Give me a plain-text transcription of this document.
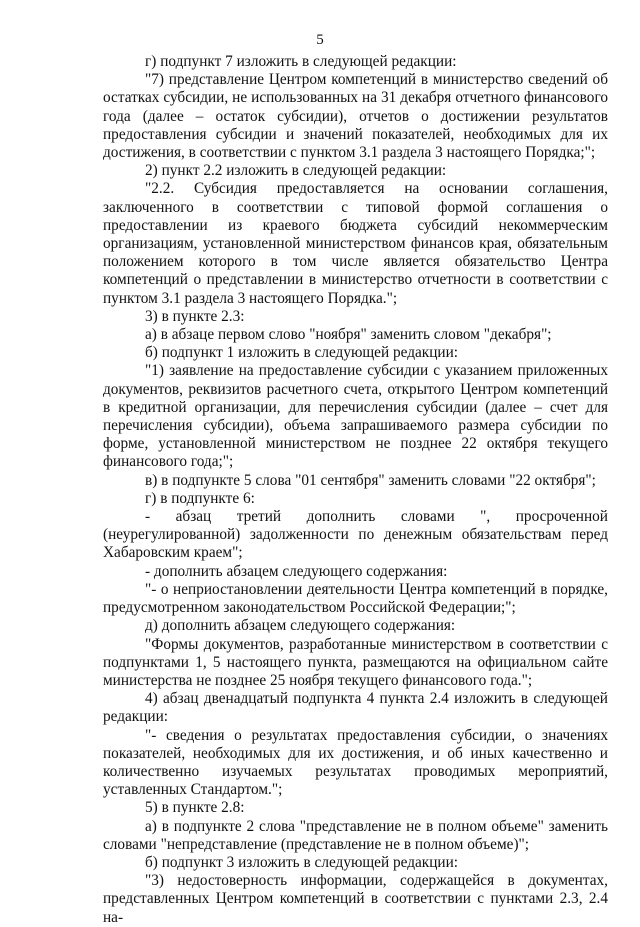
5

г) подпункт 7 изложить в следующей редакции:

"7) представление Центром компетенций в министерство сведений об остатках субсидии, не использованных на 31 декабря отчетного финансового года (далее – остаток субсидии), отчетов о достижении результатов предоставления субсидии и значений показателей, необходимых для их достижения, в соответствии с пунктом 3.1 раздела 3 настоящего Порядка;";

2) пункт 2.2 изложить в следующей редакции:

"2.2. Субсидия предоставляется на основании соглашения, заключенного в соответствии с типовой формой соглашения о предоставлении из краевого бюджета субсидий некоммерческим организациям, установленной министерством финансов края, обязательным положением которого в том числе является обязательство Центра компетенций о представлении в министерство отчетности в соответствии с пунктом 3.1 раздела 3 настоящего Порядка.";

3) в пункте 2.3:

а) в абзаце первом слово "ноября" заменить словом "декабря";

б) подпункт 1 изложить в следующей редакции:

"1) заявление на предоставление субсидии с указанием приложенных документов, реквизитов расчетного счета, открытого Центром компетенций в кредитной организации, для перечисления субсидии (далее – счет для перечисления субсидии), объема запрашиваемого размера субсидии по форме, установленной министерством не позднее 22 октября текущего финансового года;";

в) в подпункте 5 слова "01 сентября" заменить словами "22 октября";

г) в подпункте 6:

- абзац третий дополнить словами ", просроченной (неурегулированной) задолженности по денежным обязательствам перед Хабаровским краем";

- дополнить абзацем следующего содержания:

"- о неприостановлении деятельности Центра компетенций в порядке, предусмотренном законодательством Российской Федерации;";

д) дополнить абзацем следующего содержания:

"Формы документов, разработанные министерством в соответствии с подпунктами 1, 5 настоящего пункта, размещаются на официальном сайте министерства не позднее 25 ноября текущего финансового года.";

4) абзац двенадцатый подпункта 4 пункта 2.4 изложить в следующей редакции:

"- сведения о результатах предоставления субсидии, о значениях показателей, необходимых для их достижения, и об иных качественно и количественно изучаемых результатах проводимых мероприятий, уставленных Стандартом.";

5) в пункте 2.8:

а) в подпункте 2 слова "представление не в полном объеме" заменить словами "непредставление (представление не в полном объеме)";

б) подпункт 3 изложить в следующей редакции:

"3) недостоверность информации, содержащейся в документах, представленных Центром компетенций в соответствии с пунктами 2.3, 2.4 на-
